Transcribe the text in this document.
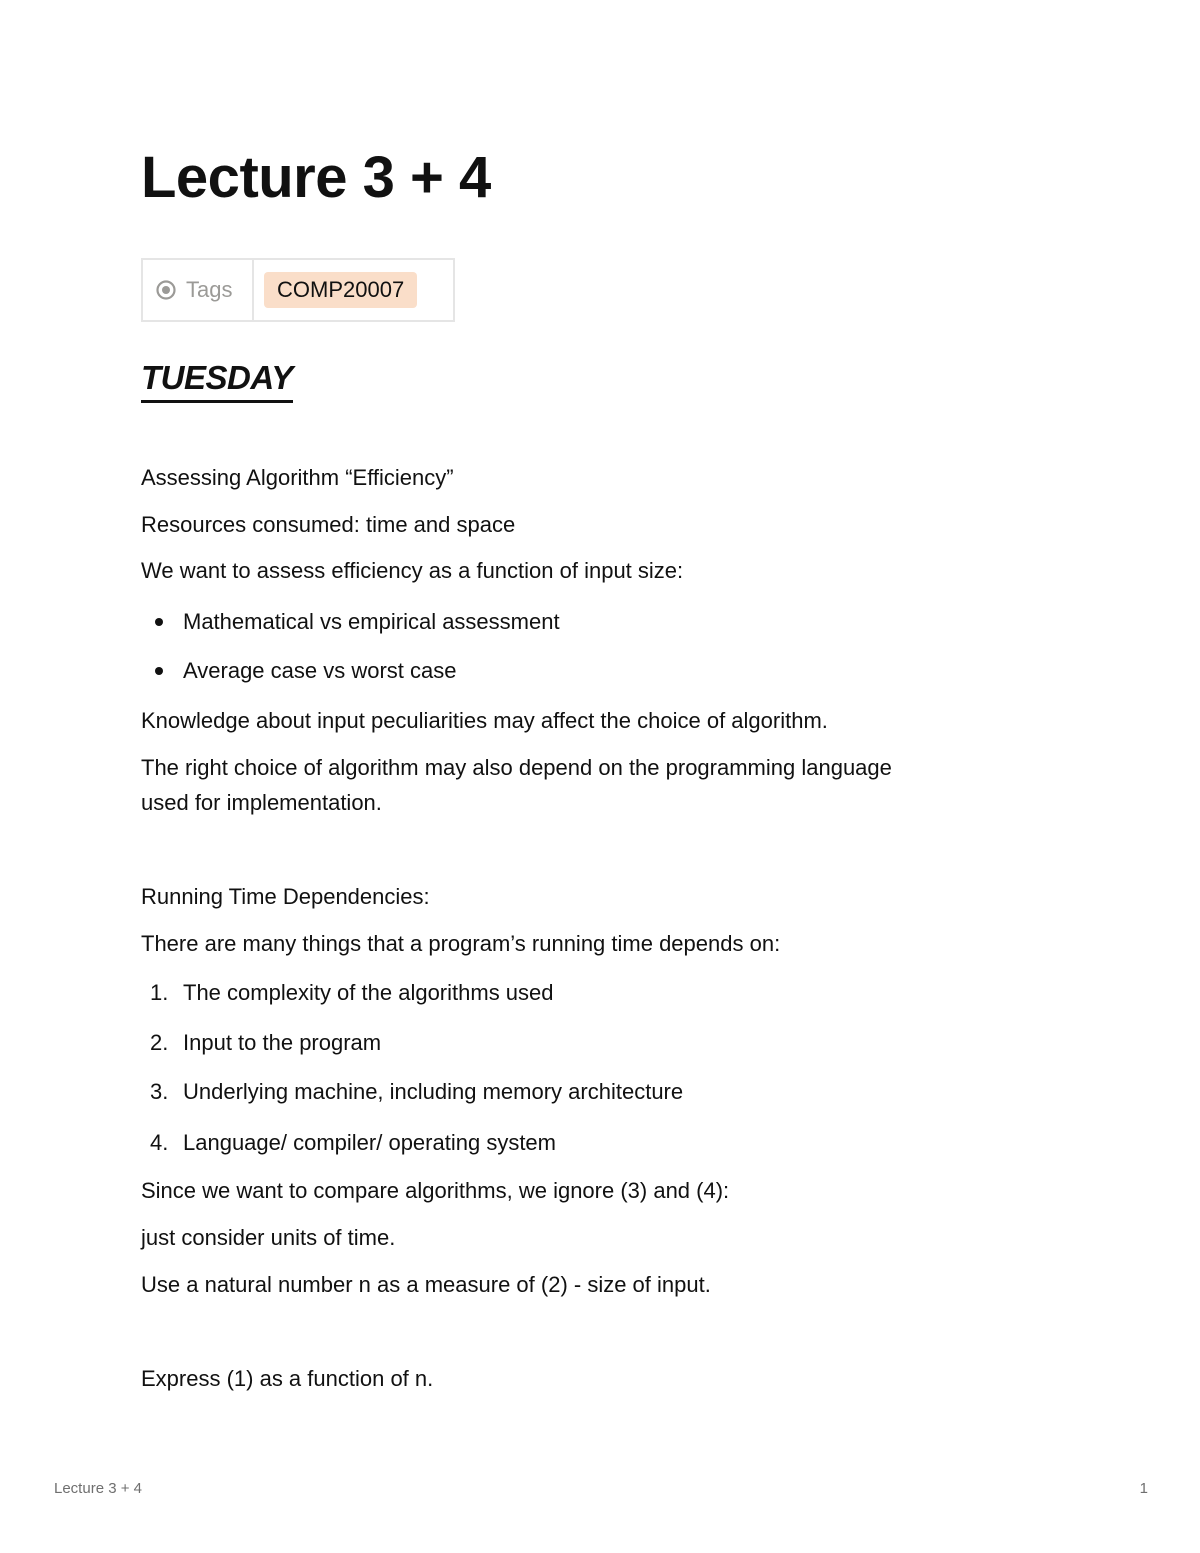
Lecture 3 + 4
Tags	COMP20007
TUESDAY

Assessing Algorithm “Efficiency”

Resources consumed: time and space

We want to assess efficiency as a function of input size:

Mathematical vs empirical assessment
Average case vs worst case

Knowledge about input peculiarities may affect the choice of algorithm.

The right choice of algorithm may also depend on the programming language

used for implementation.

Running Time Dependencies:

There are many things that a program’s running time depends on:

1. The complexity of the algorithms used
2. Input to the program
3. Underlying machine, including memory architecture
4. Language/ compiler/ operating system

Since we want to compare algorithms, we ignore (3) and (4):

just consider units of time.

Use a natural number n as a measure of (2) - size of input.

Express (1) as a function of n.

Lecture 3 + 4	1
